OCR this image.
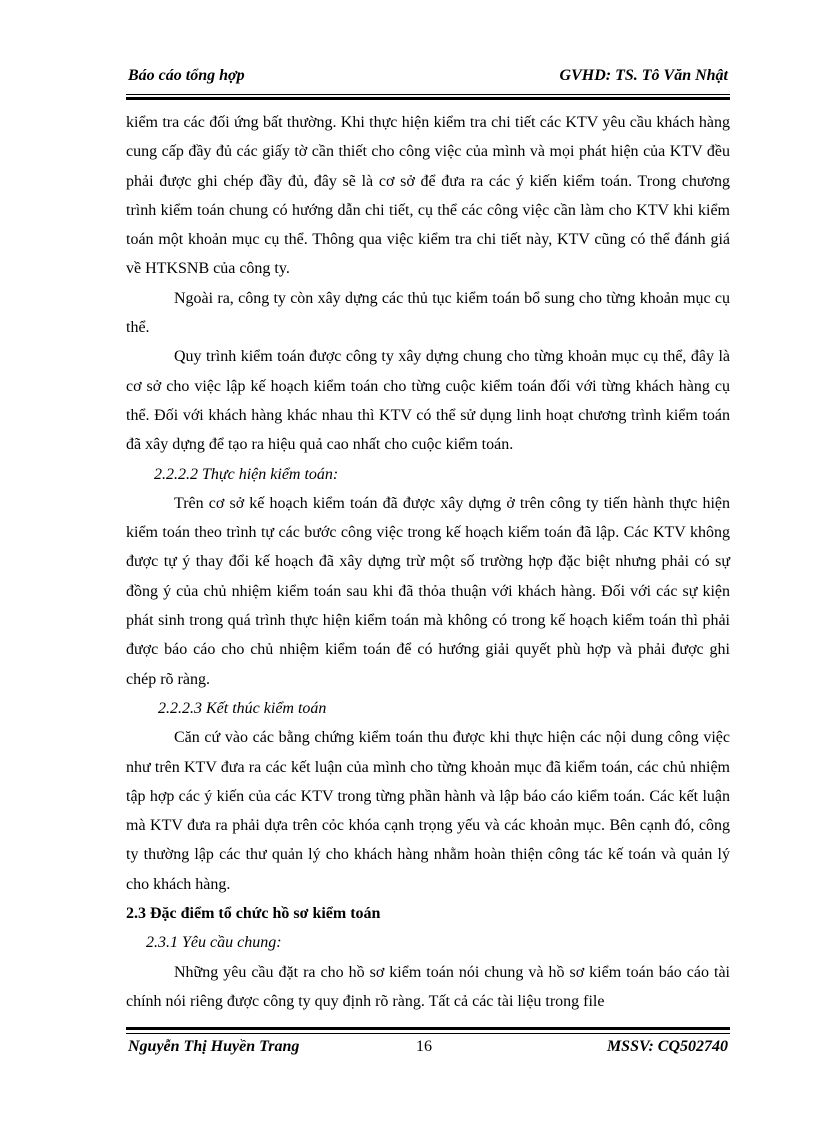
Báo cáo tổng hợp	GVHD: TS. Tô Văn Nhật

kiểm tra các đối ứng bất thường. Khi thực hiện kiểm tra chi tiết các KTV yêu cầu khách hàng cung cấp đầy đủ các giấy tờ cần thiết cho công việc của mình và mọi phát hiện của KTV đều phải được ghi chép đầy đủ, đây sẽ là cơ sở để đưa ra các ý kiến kiểm toán. Trong chương trình kiểm toán chung có hướng dẫn chi tiết, cụ thể các công việc cần làm cho KTV khi kiểm toán một khoản mục cụ thể. Thông qua việc kiểm tra chi tiết này, KTV cũng có thể đánh giá về HTKSNB của công ty.

Ngoài ra, công ty còn xây dựng các thủ tục kiểm toán bổ sung cho từng khoản mục cụ thể.

Quy trình kiểm toán được công ty xây dựng chung cho từng khoản mục cụ thể, đây là cơ sở cho việc lập kế hoạch kiểm toán cho từng cuộc kiểm toán đối với từng khách hàng cụ thể. Đối với khách hàng khác nhau thì KTV có thể sử dụng linh hoạt chương trình kiểm toán đã xây dựng để tạo ra hiệu quả cao nhất cho cuộc kiểm toán.

2.2.2.2 Thực hiện kiểm toán:

Trên cơ sở kế hoạch kiểm toán đã được xây dựng ở trên công ty tiến hành thực hiện kiểm toán theo trình tự các bước công việc trong kế hoạch kiểm toán đã lập. Các KTV không được tự ý thay đổi kế hoạch đã xây dựng trừ một số trường hợp đặc biệt nhưng phải có sự đồng ý của chủ nhiệm kiểm toán sau khi đã thỏa thuận với khách hàng. Đối với các sự kiện phát sinh trong quá trình thực hiện kiểm toán mà không có trong kế hoạch kiểm toán thì phải được báo cáo cho chủ nhiệm kiểm toán để có hướng giải quyết phù hợp và phải được ghi chép rõ ràng.

2.2.2.3 Kết thúc kiểm toán

Căn cứ vào các bằng chứng kiểm toán thu được khi thực hiện các nội dung công việc như trên KTV đưa ra các kết luận của mình cho từng khoản mục đã kiểm toán, các chủ nhiệm tập hợp các ý kiến của các KTV trong từng phần hành và lập báo cáo kiểm toán. Các kết luận mà KTV đưa ra phải dựa trên cỏc khóa cạnh trọng yếu và các khoản mục. Bên cạnh đó, công ty thường lập các thư quản lý cho khách hàng nhằm hoàn thiện công tác kế toán và quản lý cho khách hàng.

2.3 Đặc điểm tổ chức hồ sơ kiểm toán

2.3.1 Yêu cầu chung:

Những yêu cầu đặt ra cho hồ sơ kiểm toán nói chung và hồ sơ kiểm toán báo cáo tài chính nói riêng được công ty quy định rõ ràng. Tất cả các tài liệu trong file

Nguyễn Thị Huyền Trang	16	MSSV: CQ502740
